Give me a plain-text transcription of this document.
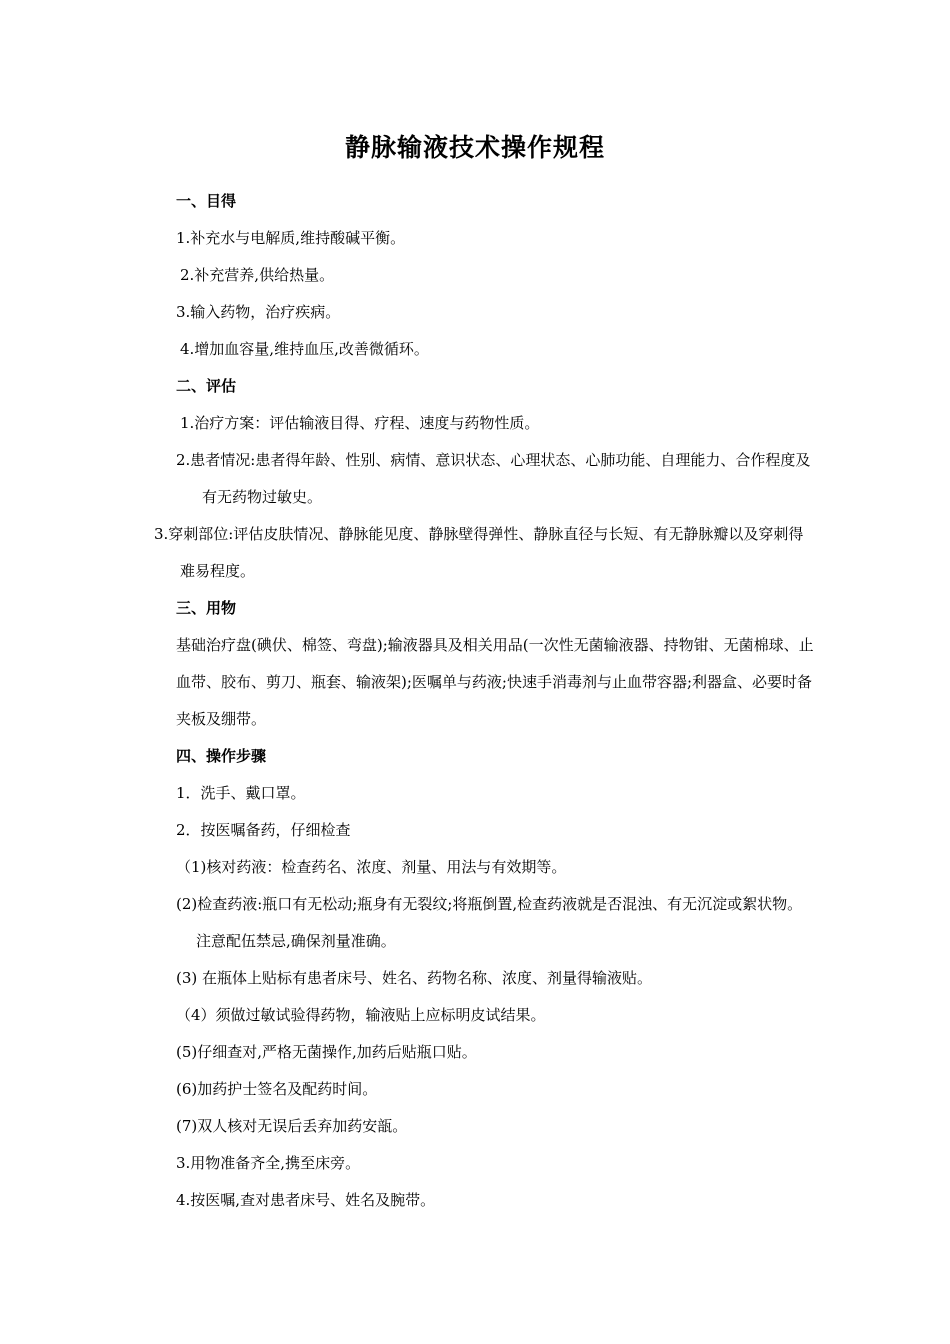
静脉输液技术操作规程
一、目得
1.补充水与电解质,维持酸碱平衡。
2.补充营养,供给热量。
3.输入药物，治疗疾病。
4.增加血容量,维持血压,改善微循环。
二、评估
1.治疗方案：评估输液目得、疗程、速度与药物性质。
2.患者情况:患者得年龄、性别、病情、意识状态、心理状态、心肺功能、自理能力、合作程度及有无药物过敏史。
3.穿刺部位:评估皮肤情况、静脉能见度、静脉壁得弹性、静脉直径与长短、有无静脉瓣以及穿刺得难易程度。
三、用物
基础治疗盘(碘伏、棉签、弯盘);输液器具及相关用品(一次性无菌输液器、持物钳、无菌棉球、止血带、胶布、剪刀、瓶套、输液架);医嘱单与药液;快速手消毒剂与止血带容器;利器盒、必要时备夹板及绷带。
四、操作步骤
1．洗手、戴口罩。
2．按医嘱备药，仔细检查
（1)核对药液：检查药名、浓度、剂量、用法与有效期等。
(2)检查药液:瓶口有无松动;瓶身有无裂纹;将瓶倒置,检查药液就是否混浊、有无沉淀或絮状物。注意配伍禁忌,确保剂量准确。
(3) 在瓶体上贴标有患者床号、姓名、药物名称、浓度、剂量得输液贴。
（4）须做过敏试验得药物，输液贴上应标明皮试结果。
(5)仔细查对,严格无菌操作,加药后贴瓶口贴。
(6)加药护士签名及配药时间。
(7)双人核对无误后丢弃加药安瓿。
3.用物准备齐全,携至床旁。
4.按医嘱,查对患者床号、姓名及腕带。
